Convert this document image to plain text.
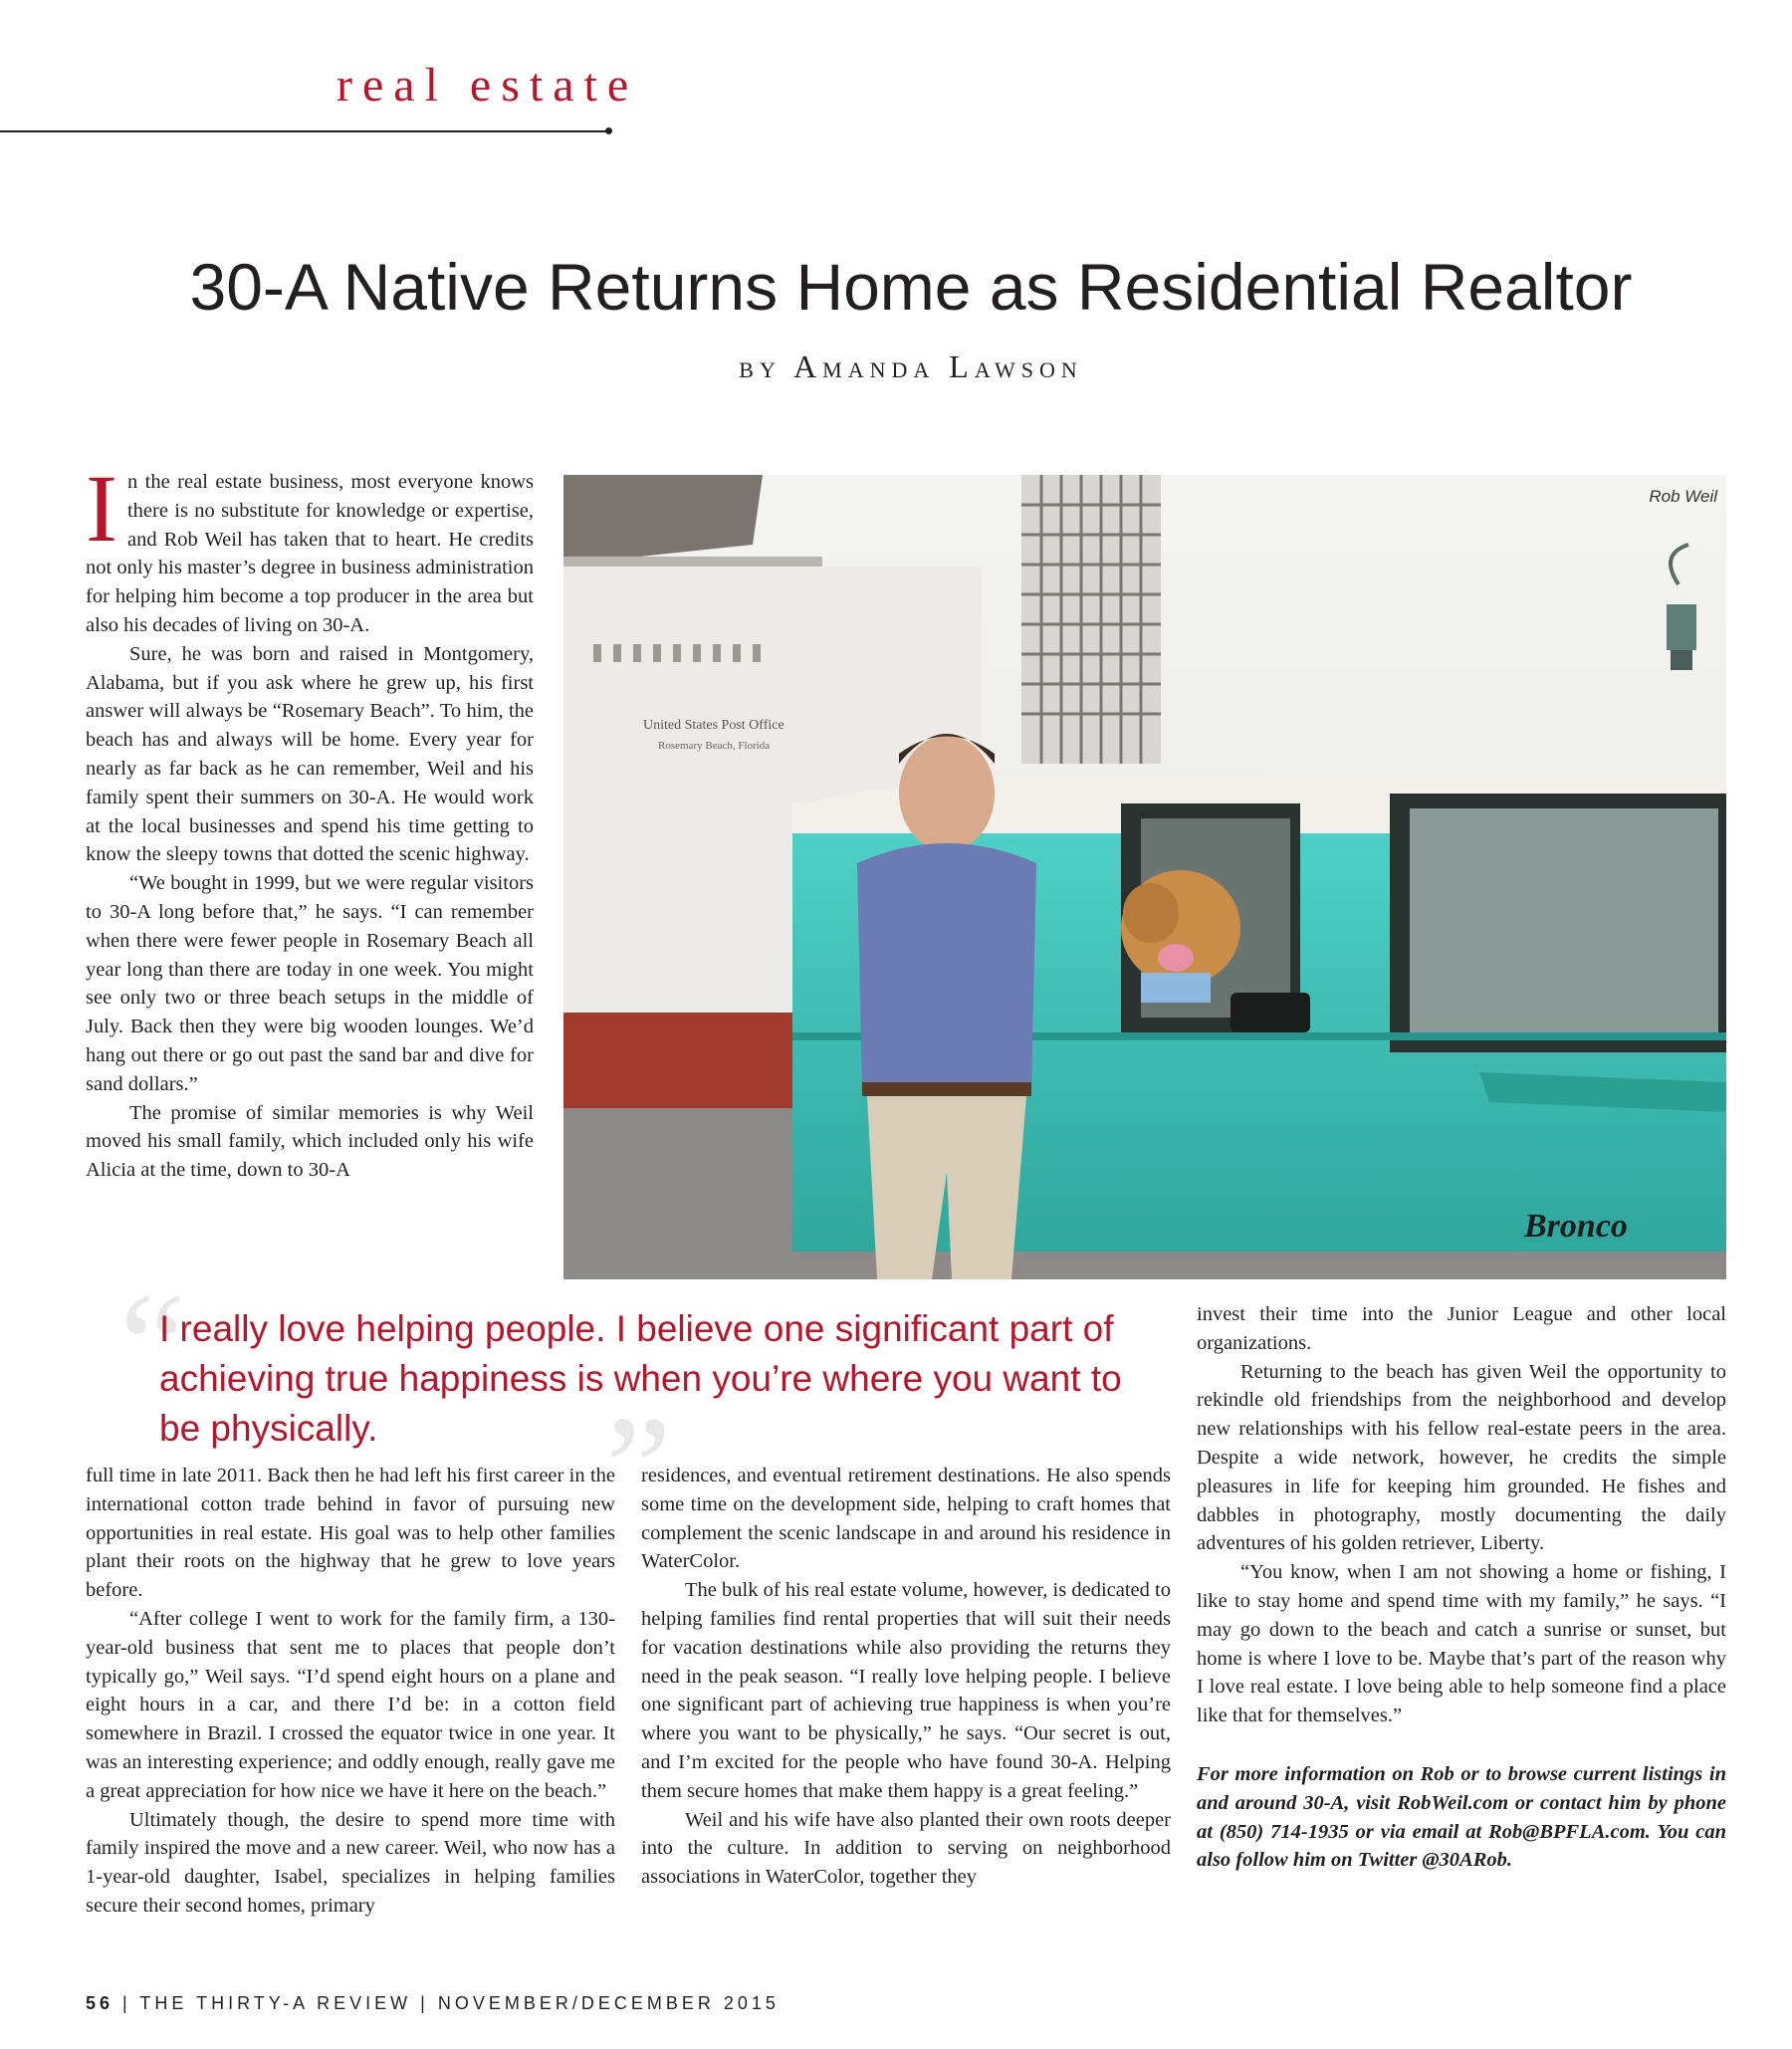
real estate
30-A Native Returns Home as Residential Realtor
by Amanda Lawson
I n the real estate business, most everyone knows there is no substitute for knowledge or expertise, and Rob Weil has taken that to heart. He credits not only his master’s degree in business administration for helping him become a top producer in the area but also his decades of living on 30-A.

Sure, he was born and raised in Montgomery, Alabama, but if you ask where he grew up, his first answer will always be “Rosemary Beach”. To him, the beach has and always will be home. Every year for nearly as far back as he can remember, Weil and his family spent their summers on 30-A. He would work at the local businesses and spend his time getting to know the sleepy towns that dotted the scenic highway.

“We bought in 1999, but we were regular visitors to 30-A long before that,” he says. “I can remember when there were fewer people in Rosemary Beach all year long than there are today in one week. You might see only two or three beach setups in the middle of July. Back then they were big wooden lounges. We’d hang out there or go out past the sand bar and dive for sand dollars.”

The promise of similar memories is why Weil moved his small family, which included only his wife Alicia at the time, down to 30-A

United States Post Office
Rosemary Beach, Florida
Bronco
Rob Weil
“
”
I really love helping people. I believe one significant part of achieving true happiness is when you’re where you want to be physically.

full time in late 2011. Back then he had left his first career in the international cotton trade behind in favor of pursuing new opportunities in real estate. His goal was to help other families plant their roots on the highway that he grew to love years before.

“After college I went to work for the family firm, a 130-year-old business that sent me to places that people don’t typically go,” Weil says. “I’d spend eight hours on a plane and eight hours in a car, and there I’d be: in a cotton field somewhere in Brazil. I crossed the equator twice in one year. It was an interesting experience; and oddly enough, really gave me a great appreciation for how nice we have it here on the beach.”

Ultimately though, the desire to spend more time with family inspired the move and a new career. Weil, who now has a 1-year-old daughter, Isabel, specializes in helping families secure their second homes, primary

residences, and eventual retirement destinations. He also spends some time on the development side, helping to craft homes that complement the scenic landscape in and around his residence in WaterColor.

The bulk of his real estate volume, however, is dedicated to helping families find rental properties that will suit their needs for vacation destinations while also providing the returns they need in the peak season. “I really love helping people. I believe one significant part of achieving true happiness is when you’re where you want to be physically,” he says. “Our secret is out, and I’m excited for the people who have found 30-A. Helping them secure homes that make them happy is a great feeling.”

Weil and his wife have also planted their own roots deeper into the culture. In addition to serving on neighborhood associations in WaterColor, together they

invest their time into the Junior League and other local organizations.

Returning to the beach has given Weil the opportunity to rekindle old friendships from the neighborhood and develop new relationships with his fellow real-estate peers in the area. Despite a wide network, however, he credits the simple pleasures in life for keeping him grounded. He fishes and dabbles in photography, mostly documenting the daily adventures of his golden retriever, Liberty.

“You know, when I am not showing a home or fishing, I like to stay home and spend time with my family,” he says. “I may go down to the beach and catch a sunrise or sunset, but home is where I love to be. Maybe that’s part of the reason why I love real estate. I love being able to help someone find a place like that for themselves.”

For more information on Rob or to browse current listings in and around 30-A, visit RobWeil.com or contact him by phone at (850) 714-1935 or via email at Rob@BPFLA.com. You can also follow him on Twitter @30ARob.

56 | THE THIRTY-A REVIEW | NOVEMBER/DECEMBER 2015
